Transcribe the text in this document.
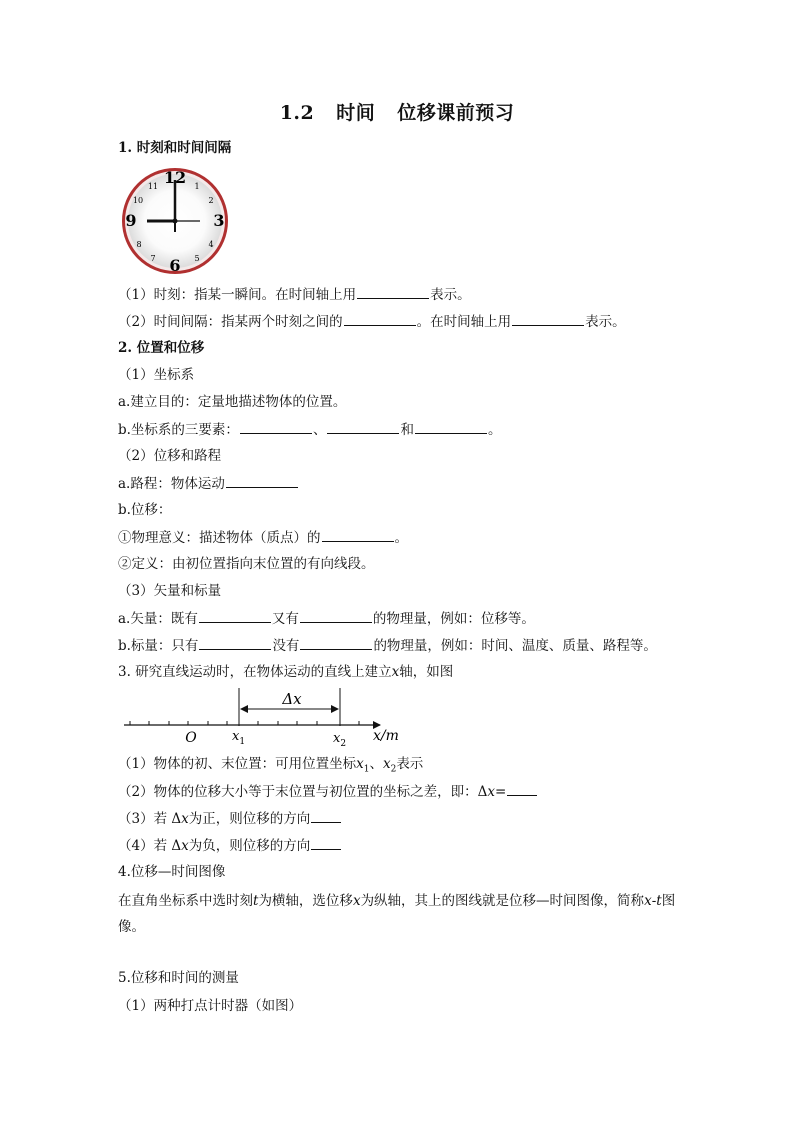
1.2 时间 位移课前预习
1. 时刻和时间间隔
12 1
2
3
4
5
6
7
8
9
10
11
（1）时刻：指某一瞬间。在时间轴上用	表示。
（2）时间间隔：指某两个时刻之间的	。在时间轴上用	表示。
2. 位置和位移
（1）坐标系
a.建立目的：定量地描述物体的位置。
b.坐标系的三要素：	、	和	。
（2）位移和路程
a.路程：物体运动
b.位移：
①物理意义：描述物体（质点）的	。
②定义：由初位置指向末位置的有向线段。
（3）矢量和标量
a.矢量：既有	又有	的物理量，例如：位移等。
b.标量：只有	没有	的物理量，例如：时间、温度、质量、路程等。
3. 研究直线运动时，在物体运动的直线上建立x轴，如图
Δx
O	$x_1$	$x_2$ x/m
（1）物体的初、末位置：可用位置坐标$x_1$、$x_2$表示
（2）物体的位移大小等于末位置与初位置的坐标之差，即：Δx=
（3）若 Δx为正，则位移的方向
（4）若 Δx为负，则位移的方向
4.位移—时间图像
在直角坐标系中选时刻t为横轴，选位移x为纵轴，其上的图线就是位移—时间图像，简称x-t图像。
5.位移和时间的测量
（1）两种打点计时器（如图）
